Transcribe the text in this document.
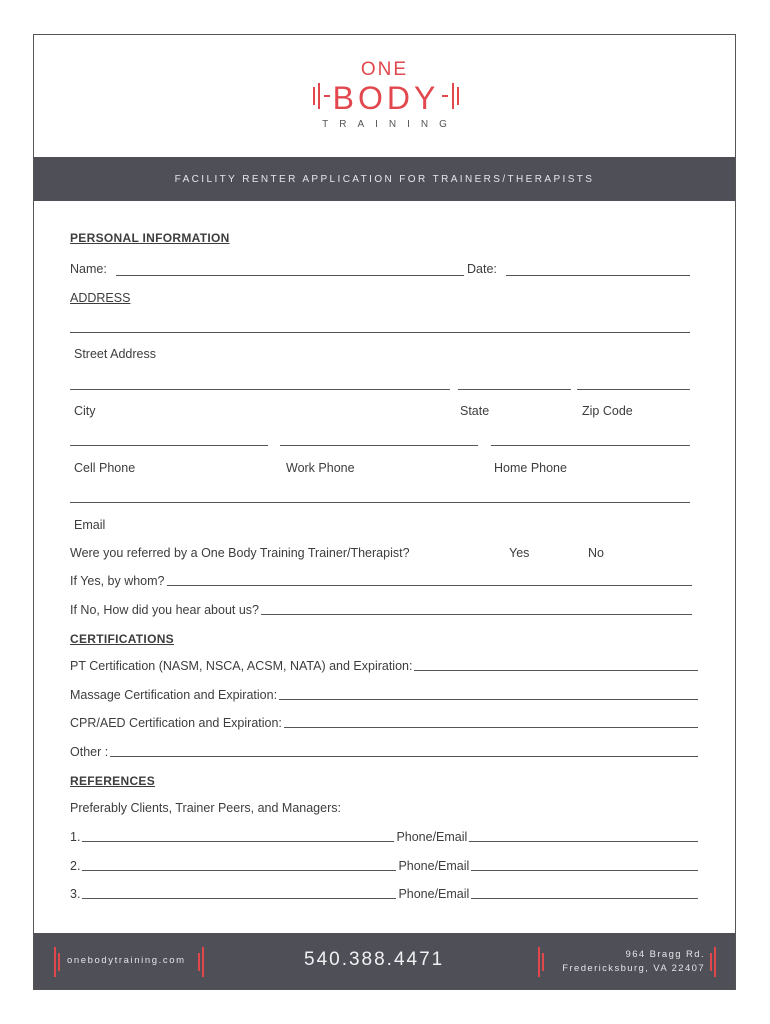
ONE
BODY
TRAINING
FACILITY RENTER APPLICATION FOR TRAINERS/THERAPISTS
PERSONAL INFORMATION
Name:	Date:
ADDRESS
Street Address
City	State	Zip Code
Cell Phone	Work Phone	Home Phone
Email
Were you referred by a One Body Training Trainer/Therapist?	Yes	No
If Yes, by whom?
If No, How did you hear about us?
CERTIFICATIONS
PT Certification (NASM, NSCA, ACSM, NATA) and Expiration:
Massage Certification and Expiration:
CPR/AED Certification and Expiration:
Other :
REFERENCES
Preferably Clients, Trainer Peers, and Managers:
1.	Phone/Email
2.	Phone/Email
3.	Phone/Email
onebodytraining.com	540.388.4471	964 Bragg Rd.
Fredericksburg, VA 22407
